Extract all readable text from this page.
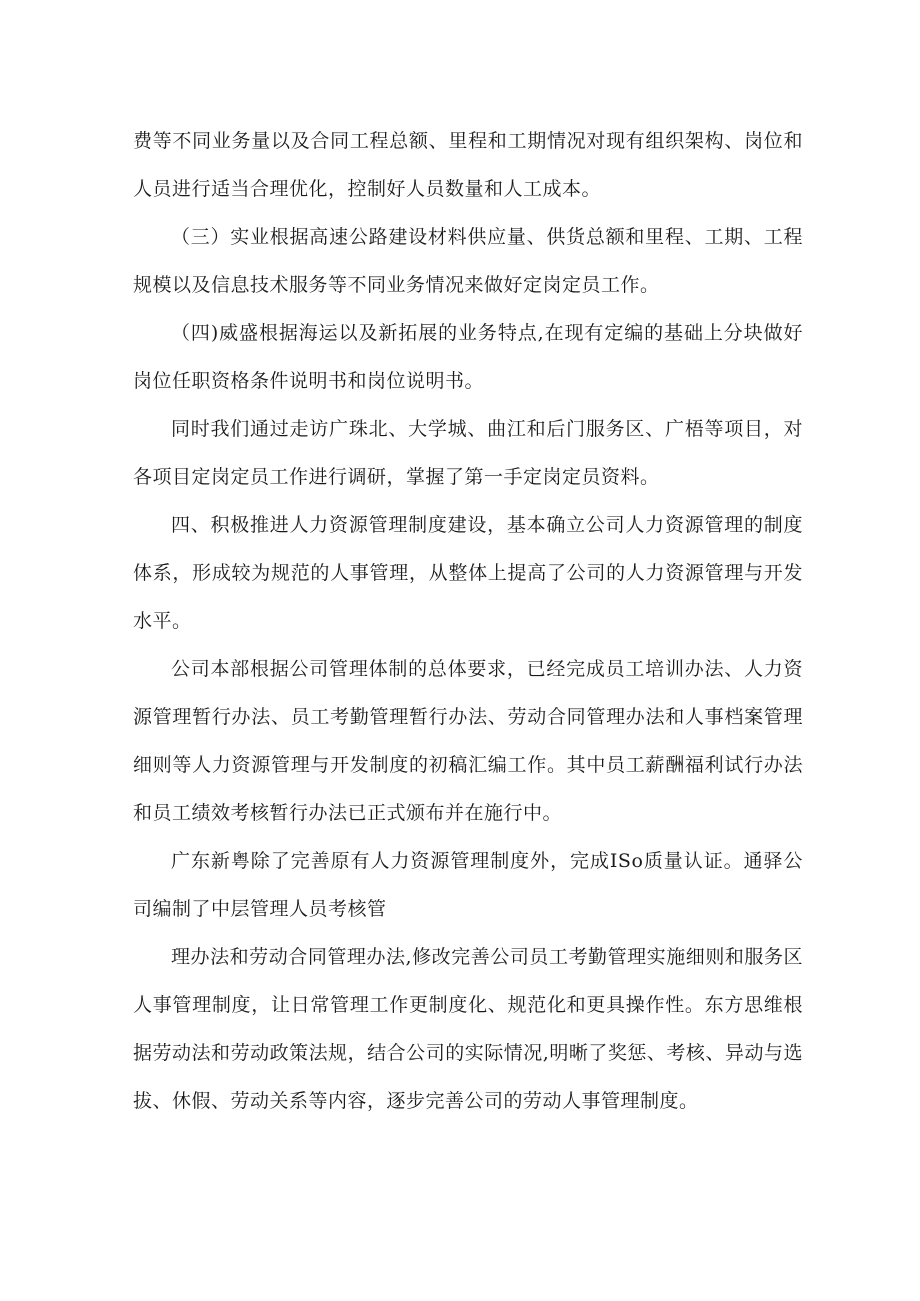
费等不同业务量以及合同工程总额、里程和工期情况对现有组织架构、岗位和人员进行适当合理优化，控制好人员数量和人工成本。

（三）实业根据高速公路建设材料供应量、供货总额和里程、工期、工程规模以及信息技术服务等不同业务情况来做好定岗定员工作。

（四)威盛根据海运以及新拓展的业务特点,在现有定编的基础上分块做好岗位任职资格条件说明书和岗位说明书。

同时我们通过走访广珠北、大学城、曲江和后门服务区、广梧等项目，对各项目定岗定员工作进行调研，掌握了第一手定岗定员资料。

四、积极推进人力资源管理制度建设，基本确立公司人力资源管理的制度体系，形成较为规范的人事管理，从整体上提高了公司的人力资源管理与开发水平。

公司本部根据公司管理体制的总体要求，已经完成员工培训办法、人力资源管理暂行办法、员工考勤管理暂行办法、劳动合同管理办法和人事档案管理细则等人力资源管理与开发制度的初稿汇编工作。其中员工薪酬福利试行办法和员工绩效考核暂行办法已正式颁布并在施行中。

广东新粤除了完善原有人力资源管理制度外，完成ISo质量认证。通驿公司编制了中层管理人员考核管

理办法和劳动合同管理办法,修改完善公司员工考勤管理实施细则和服务区人事管理制度，让日常管理工作更制度化、规范化和更具操作性。东方思维根据劳动法和劳动政策法规，结合公司的实际情况,明晰了奖惩、考核、异动与选拔、休假、劳动关系等内容，逐步完善公司的劳动人事管理制度。
